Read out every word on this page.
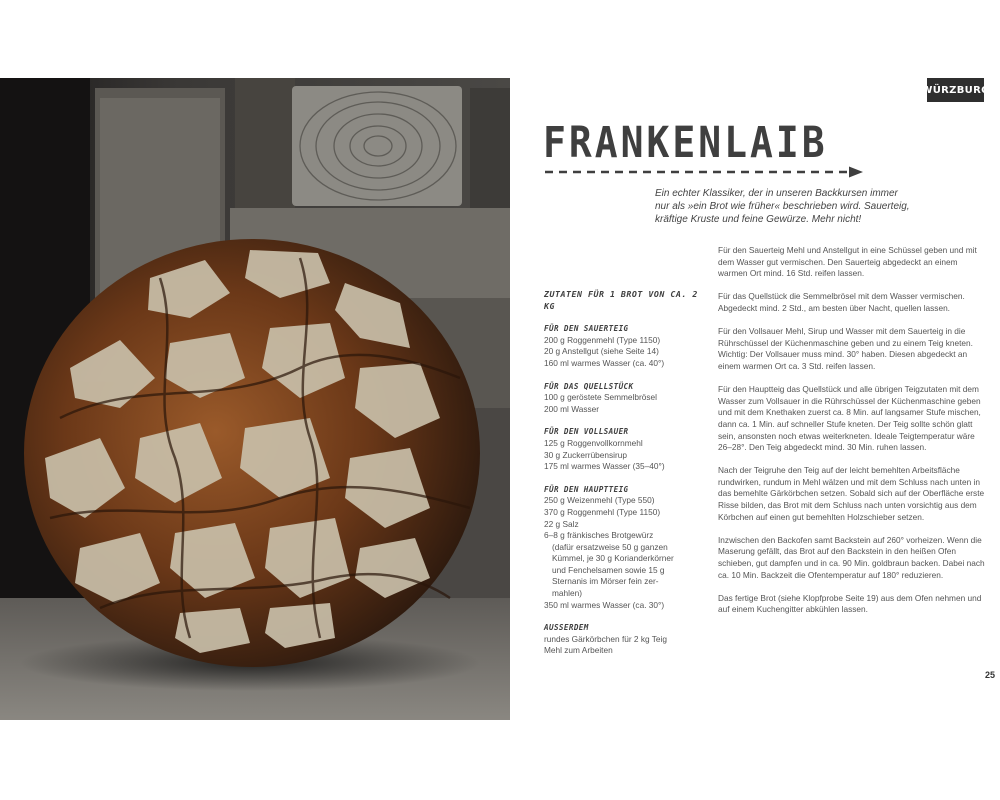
WÜRZBURG
FRANKENLAIB

Ein echter Klassiker, der in unseren Backkursen immer nur als »ein Brot wie früher« beschrieben wird. Sauerteig, kräftige Kruste und feine Gewürze. Mehr nicht!

ZUTATEN FÜR 1 BROT VON CA. 2 KG
FÜR DEN SAUERTEIG
200 g Roggenmehl (Type 1150)
20 g Anstellgut (siehe Seite 14)
160 ml warmes Wasser (ca. 40°)
FÜR DAS QUELLSTÜCK
100 g geröstete Semmelbrösel
200 ml Wasser
FÜR DEN VOLLSAUER
125 g Roggenvollkornmehl
30 g Zuckerrübensirup
175 ml warmes Wasser (35–40°)
FÜR DEN HAUPTTEIG
250 g Weizenmehl (Type 550)
370 g Roggenmehl (Type 1150)
22 g Salz
6–8 g fränkisches Brotgewürz
(dafür ersatzweise 50 g ganzen
Kümmel, je 30 g Korianderkörner
und Fenchelsamen sowie 15 g
Sternanis im Mörser fein zer-
mahlen)
350 ml warmes Wasser (ca. 30°)
AUSSERDEM
rundes Gärkörbchen für 2 kg Teig
Mehl zum Arbeiten

Für den Sauerteig Mehl und Anstellgut in eine Schüssel geben und mit dem Wasser gut vermischen. Den Sauerteig abgedeckt an einem warmen Ort mind. 16 Std. reifen lassen.

Für das Quellstück die Semmelbrösel mit dem Wasser vermischen. Abgedeckt mind. 2 Std., am besten über Nacht, quellen lassen.

Für den Vollsauer Mehl, Sirup und Wasser mit dem Sauerteig in die Rührschüssel der Küchenmaschine geben und zu einem Teig kneten. Wichtig: Der Vollsauer muss mind. 30° haben. Diesen abgedeckt an einem warmen Ort ca. 3 Std. reifen lassen.

Für den Hauptteig das Quellstück und alle übrigen Teigzutaten mit dem Wasser zum Vollsauer in die Rührschüssel der Küchenmaschine geben und mit dem Knethaken zuerst ca. 8 Min. auf langsamer Stufe mischen, dann ca. 1 Min. auf schneller Stufe kneten. Der Teig sollte schön glatt sein, ansonsten noch etwas weiterkneten. Ideale Teigtemperatur wäre 26–28°. Den Teig abgedeckt mind. 30 Min. ruhen lassen.

Nach der Teigruhe den Teig auf der leicht bemehlten Arbeitsfläche rundwirken, rundum in Mehl wälzen und mit dem Schluss nach unten in das bemehlte Gärkörbchen setzen. Sobald sich auf der Oberfläche erste Risse bilden, das Brot mit dem Schluss nach unten vorsichtig aus dem Körbchen auf einen gut bemehlten Holzschieber setzen.

Inzwischen den Backofen samt Backstein auf 260° vorheizen. Wenn die Maserung gefällt, das Brot auf den Backstein in den heißen Ofen schieben, gut dampfen und in ca. 90 Min. goldbraun backen. Dabei nach ca. 10 Min. Backzeit die Ofentemperatur auf 180° reduzieren.

Das fertige Brot (siehe Klopfprobe Seite 19) aus dem Ofen nehmen und auf einem Kuchengitter abkühlen lassen.

25
